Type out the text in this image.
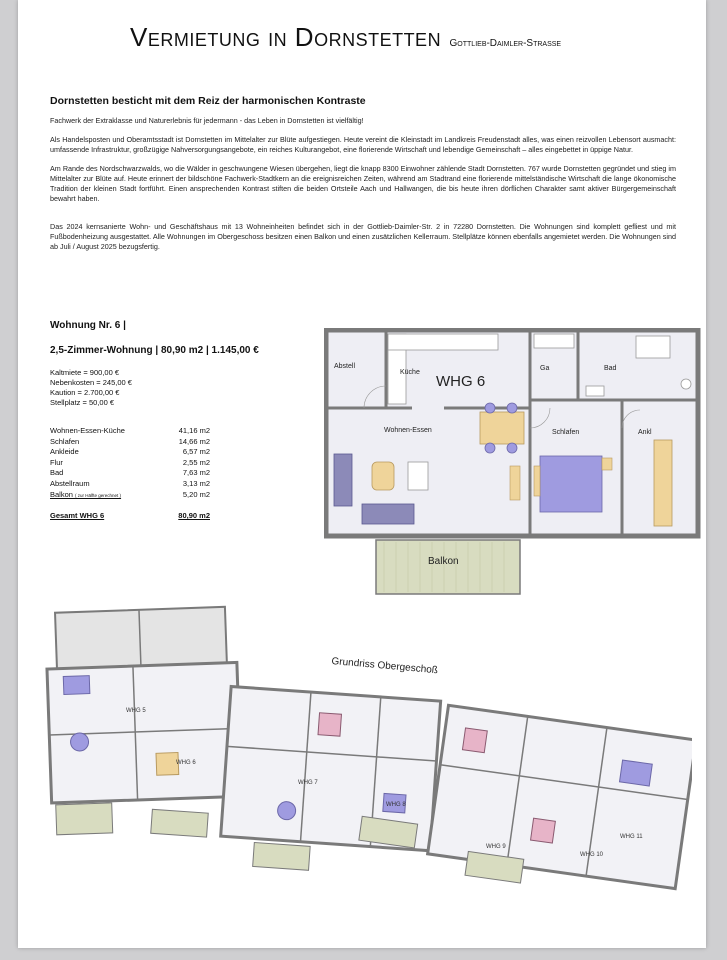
Vermietung in Dornstetten Gottlieb-Daimler-Strasse
Dornstetten besticht mit dem Reiz der harmonischen Kontraste

Fachwerk der Extraklasse und Naturerlebnis für jedermann - das Leben in Dornstetten ist vielfältig!

Als Handelsposten und Oberamtsstadt ist Dornstetten im Mittelalter zur Blüte aufgestiegen. Heute vereint die Kleinstadt im Landkreis Freudenstadt alles, was einen reizvollen Lebensort ausmacht: umfassende Infrastruktur, großzügige Nahversorgungsangebote, ein reiches Kulturangebot, eine florierende Wirtschaft und lebendige Gemeinschaft – alles eingebettet in üppige Natur.

Am Rande des Nordschwarzwalds, wo die Wälder in geschwungene Wiesen übergehen, liegt die knapp 8300 Einwohner zählende Stadt Dornstetten. 767 wurde Dornstetten gegründet und stieg im Mittelalter zur Blüte auf. Heute erinnert der bildschöne Fachwerk-Stadtkern an die ereignisreichen Zeiten, während am Stadtrand eine florierende mittelständische Wirtschaft die lange ökonomische Tradition der kleinen Stadt fortführt. Einen ansprechenden Kontrast stiften die beiden Ortsteile Aach und Hallwangen, die bis heute ihren dörflichen Charakter samt aktiver Bürgergemeinschaft bewahrt haben.

Das 2024 kernsanierte Wohn- und Geschäftshaus mit 13 Wohneinheiten befindet sich in der Gottlieb-Daimler-Str. 2 in 72280 Dornstetten. Die Wohnungen sind komplett gefliest und mit Fußbodenheizung ausgestattet. Alle Wohnungen im Obergeschoss besitzen einen Balkon und einen zusätzlichen Kellerraum. Stellplätze können ebenfalls angemietet werden. Die Wohnungen sind ab Juli / August 2025 bezugsfertig.

Wohnung Nr. 6 |
2,5-Zimmer-Wohnung | 80,90 m2 | 1.145,00 €
Kaltmiete = 900,00 €
Nebenkosten = 245,00 €
Kaution = 2.700,00 €
Stellplatz = 50,00 €
Wohnen-Essen-Küche	41,16 m2
Schlafen	14,66 m2
Ankleide	6,57 m2
Flur	2,55 m2
Bad	7,63 m2
Abstellraum	3,13 m2
Balkon ( zur Hälfte gerechnet )	5,20 m2
Gesamt WHG 6	80,90 m2
WHG 6
Abstell
Küche
Ga	Bad
Wohnen-Essen	Schlafen	Ankl
Balkon
WHG 5
WHG 6
WHG 7
WHG 8
WHG 9
WHG 10
WHG 11
Grundriss Obergeschoß
